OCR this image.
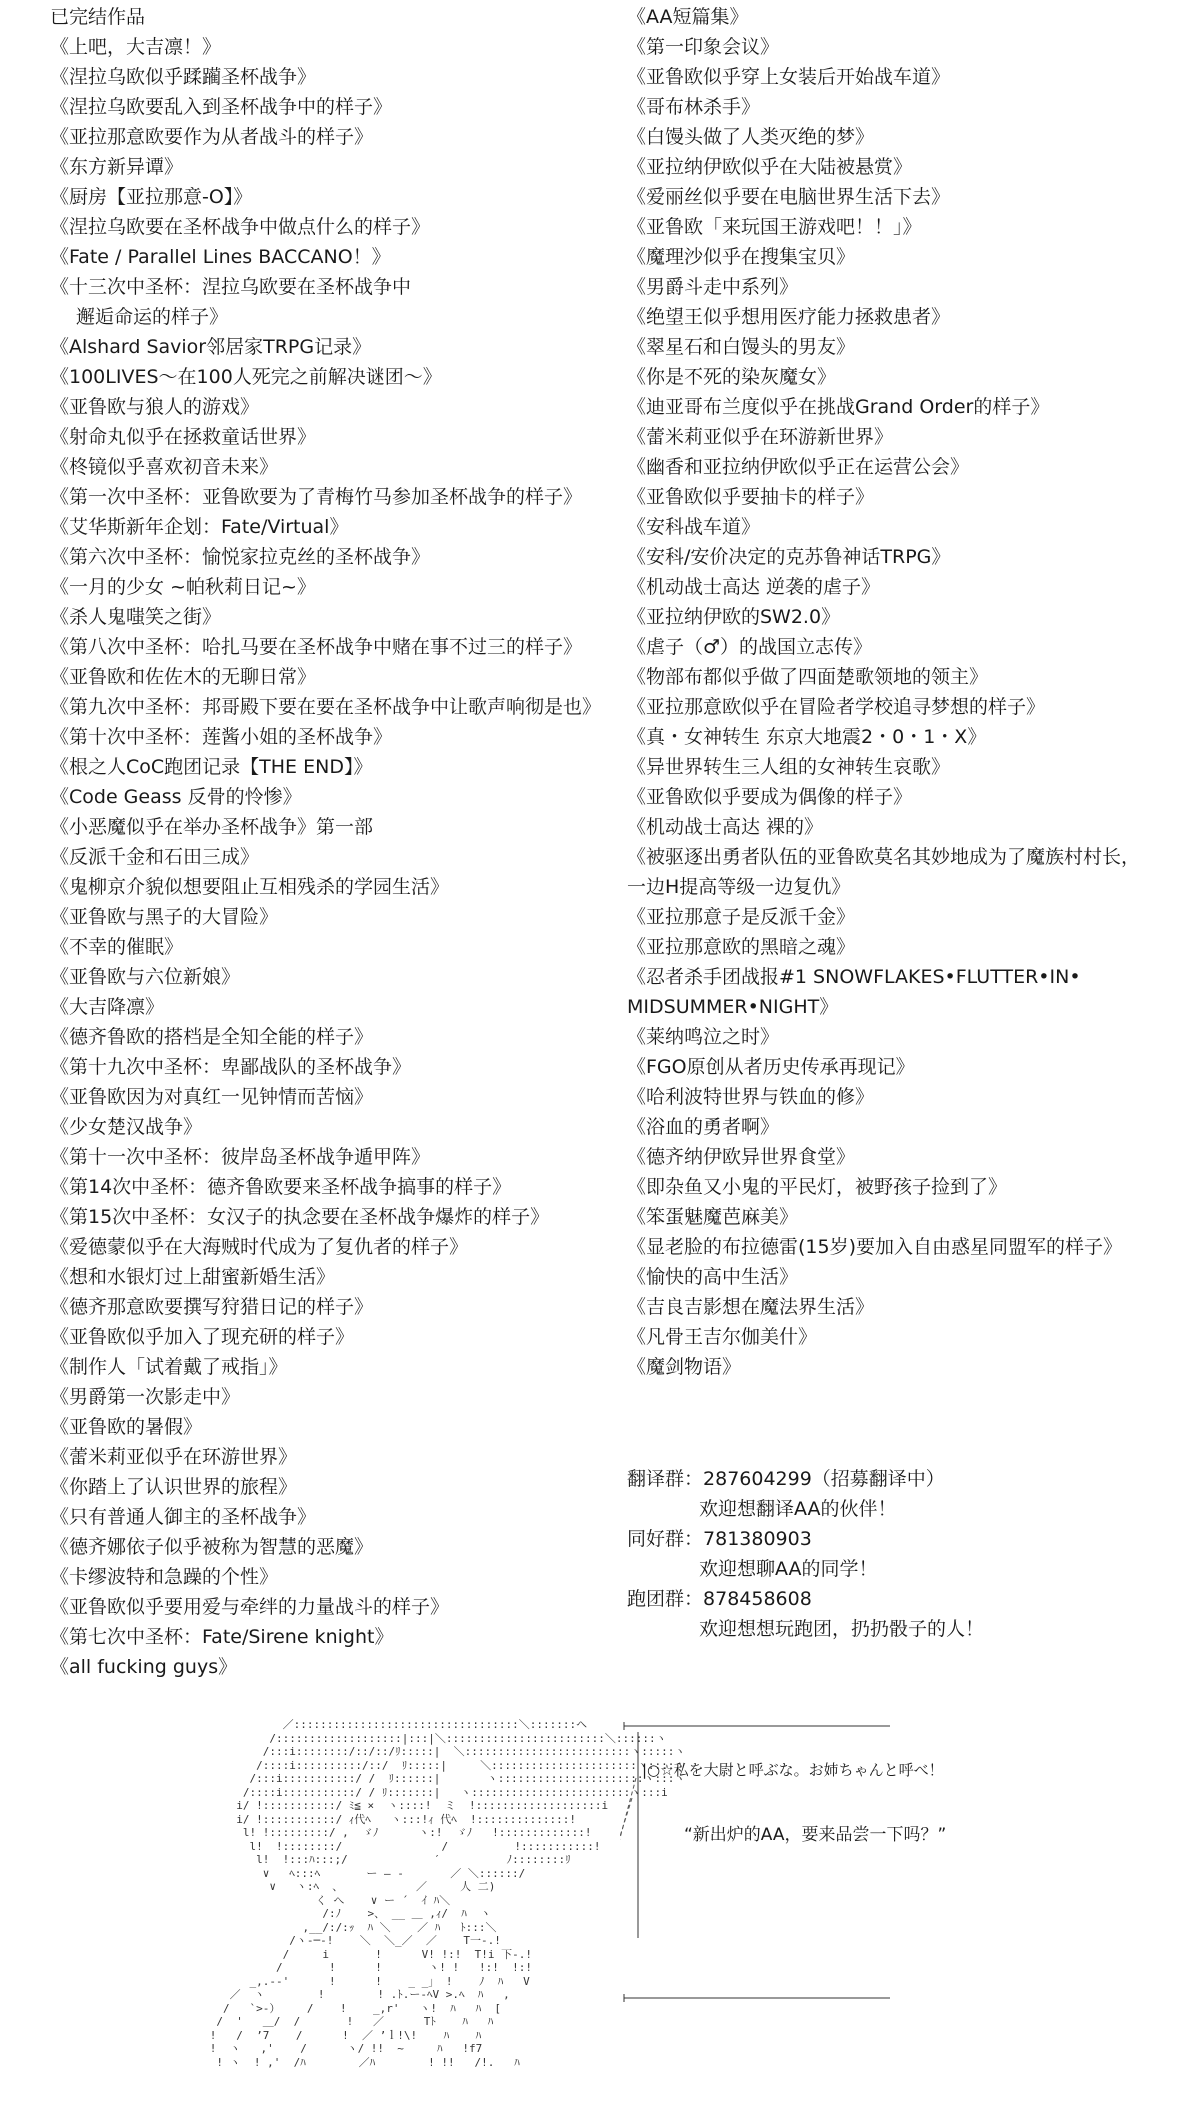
已完结作品
《上吧，大吉凛！》
《涅拉乌欧似乎蹂躏圣杯战争》
《涅拉乌欧要乱入到圣杯战争中的样子》
《亚拉那意欧要作为从者战斗的样子》
《东方新异谭》
《厨房【亚拉那意-O】》
《涅拉乌欧要在圣杯战争中做点什么的样子》
《Fate / Parallel Lines BACCANO！》
《十三次中圣杯：涅拉乌欧要在圣杯战争中
邂逅命运的样子》
《Alshard Savior邻居家TRPG记录》
《100LIVES～在100人死完之前解决谜团～》
《亚鲁欧与狼人的游戏》
《射命丸似乎在拯救童话世界》
《柊镜似乎喜欢初音未来》
《第一次中圣杯：亚鲁欧要为了青梅竹马参加圣杯战争的样子》
《艾华斯新年企划：Fate/Virtual》
《第六次中圣杯：愉悦家拉克丝的圣杯战争》
《一月的少女 ~帕秋莉日记~》
《杀人鬼嗤笑之街》
《第八次中圣杯：哈扎马要在圣杯战争中赌在事不过三的样子》
《亚鲁欧和佐佐木的无聊日常》
《第九次中圣杯：邦哥殿下要在要在圣杯战争中让歌声响彻是也》
《第十次中圣杯：莲酱小姐的圣杯战争》
《根之人CoC跑团记录【THE END】》
《Code Geass 反骨的怜惨》
《小恶魔似乎在举办圣杯战争》第一部
《反派千金和石田三成》
《鬼柳京介貌似想要阻止互相残杀的学园生活》
《亚鲁欧与黑子的大冒险》
《不幸的催眠》
《亚鲁欧与六位新娘》
《大吉降凛》
《德齐鲁欧的搭档是全知全能的样子》
《第十九次中圣杯：卑鄙战队的圣杯战争》
《亚鲁欧因为对真红一见钟情而苦恼》
《少女楚汉战争》
《第十一次中圣杯：彼岸岛圣杯战争遁甲阵》
《第14次中圣杯：德齐鲁欧要来圣杯战争搞事的样子》
《第15次中圣杯：女汉子的执念要在圣杯战争爆炸的样子》
《爱德蒙似乎在大海贼时代成为了复仇者的样子》
《想和水银灯过上甜蜜新婚生活》
《德齐那意欧要撰写狩猎日记的样子》
《亚鲁欧似乎加入了现充研的样子》
《制作人「试着戴了戒指」》
《男爵第一次影走中》
《亚鲁欧的暑假》
《蕾米莉亚似乎在环游世界》
《你踏上了认识世界的旅程》
《只有普通人御主的圣杯战争》
《德齐娜依子似乎被称为智慧的恶魔》
《卡缪波特和急躁的个性》
《亚鲁欧似乎要用爱与牵绊的力量战斗的样子》
《第七次中圣杯：Fate/Sirene knight》
《all fucking guys》
《AA短篇集》
《第一印象会议》
《亚鲁欧似乎穿上女装后开始战车道》
《哥布林杀手》
《白馒头做了人类灭绝的梦》
《亚拉纳伊欧似乎在大陆被悬赏》
《爱丽丝似乎要在电脑世界生活下去》
《亚鲁欧「来玩国王游戏吧！！」》
《魔理沙似乎在搜集宝贝》
《男爵斗走中系列》
《绝望王似乎想用医疗能力拯救患者》
《翠星石和白馒头的男友》
《你是不死的染灰魔女》
《迪亚哥布兰度似乎在挑战Grand Order的样子》
《蕾米莉亚似乎在环游新世界》
《幽香和亚拉纳伊欧似乎正在运营公会》
《亚鲁欧似乎要抽卡的样子》
《安科战车道》
《安科/安价决定的克苏鲁神话TRPG》
《机动战士高达 逆袭的虐子》
《亚拉纳伊欧的SW2.0》
《虐子（♂）的战国立志传》
《物部布都似乎做了四面楚歌领地的领主》
《亚拉那意欧似乎在冒险者学校追寻梦想的样子》
《真・女神转生 东京大地震2・0・1・X》
《异世界转生三人组的女神转生哀歌》
《亚鲁欧似乎要成为偶像的样子》
《机动战士高达 裸的》
《被驱逐出勇者队伍的亚鲁欧莫名其妙地成为了魔族村村长，
一边H提高等级一边复仇》
《亚拉那意子是反派千金》
《亚拉那意欧的黑暗之魂》
《忍者杀手团战报#1 SNOWFLAKES•FLUTTER•IN•
MIDSUMMER•NIGHT》
《莱纳鸣泣之时》
《FGO原创从者历史传承再现记》
《哈利波特世界与铁血的修》
《浴血的勇者啊》
《德齐纳伊欧异世界食堂》
《即杂鱼又小鬼的平民灯，被野孩子捡到了》
《笨蛋魅魔芭麻美》
《显老脸的布拉德雷(15岁)要加入自由惑星同盟军的样子》
《愉快的高中生活》
《吉良吉影想在魔法界生活》
《凡骨王吉尔伽美什》
《魔剑物语》
翻译群：287604299（招募翻译中）
欢迎想翻译AA的伙伴！
同好群：781380903
欢迎想聊AA的同学！
跑团群：878458608
欢迎想想玩跑团，扔扔骰子的人！
／::::::::::::::::::::::::::::::::::＼:::::::ヘ
/:::::::::::::::::::|:::|＼::::::::::::::::::::::::＼::::::ヽ
/:::i::::::::/::/::/ﾘ:::::|  ＼:::::::::::::::::::::::::ヽ:::::ヽ
/::::i::::::::::/::/  ﾘ:::::|     ＼::::::::::::::::::::::ヽ::::ヽ
/:::i:::::::::::/ /  ﾘ::::::|       ヽ::::::::::::::::::::::ヽ:::ヽ
/::::i:::::::::::/ / ﾘ:::::::|   ヽ::::::::::::::::::::::::ヽ:::i
i/ !:::::::::::/ ﾐ≦ ×  ヽ::::!  ミ  !:::::::::::::::::::i
i/ !:::::::::::/ ｨ代ﾍ   ヽ:::!ｨ 代ﾍ  !::::::::::::::!
l! !:::::::::/ ,  ゞﾉ      ヽ:!  ゞﾉ   !:::::::::::::!
l!  !::::::::/               /          !:::::::::::!
l!  !:::ﾊ:::;/             ′          ﾉ::::::::ﾘ
∨   ﾍ:::ﾍ       ー ― ‐       ／ ＼::::::/
∨   ヽ:ﾍ  、           ／     人 二)
く へ    ∨ ー ´  ｲ ﾊ＼
/:ﾉ    >、 __ ＿ ,ｨ/  ﾊ  ヽ
,__/:/:ｯ  ﾊ ＼    ／ ﾊ   ﾄ:::＼
/ヽ‐─‐!    ＼  ＼_／  ／    T一‐.!
/     i       !      V! !:!  T!i 下-.!
/       !      !       ヽ! !   !:!  !:!
_,.-‐'      !      !    _ _」 !    ﾉ  ﾊ   V
／  ヽ        !        ! .ﾄ.ー-ﾍV >.ﾍ  ﾊ   ,
/   `>-）    /    !    _,r'   ヽ!  ﾊ   ﾊ  [
/  '   ＿/  /       !   ／      Tﾄ    ﾊ   ﾊ
!   /  ’7    /      !  ／ ’ｌ!\!    ﾊ    ﾊ
!  ヽ   ,'    /      ヽ/ !!  ~     ﾊ   !f7
! ヽ  ! ,'  /ﾊ        ／ﾊ        ! !!   /!.   ﾊ

|○☆私を大尉と呼ぶな。お姉ちゃんと呼べ！
“新出炉的AA，要来品尝一下吗？”
